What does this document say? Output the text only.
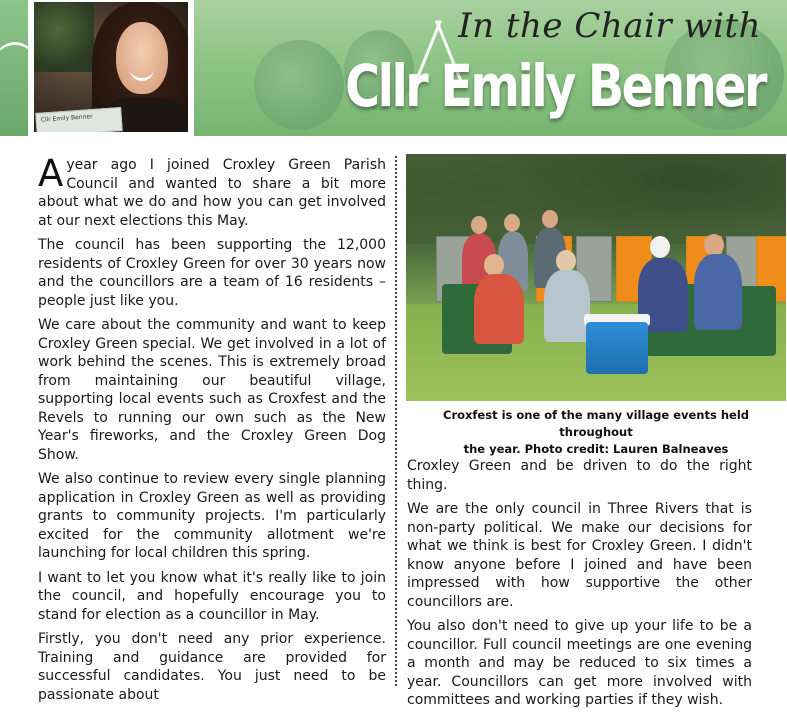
Cllr Emily Benner
In the Chair with
Cllr Emily Benner

Ayear ago I joined Croxley Green Parish Council and wanted to share a bit more about what we do and how you can get involved at our next elections this May.

The council has been supporting the 12,000 residents of Croxley Green for over 30 years now and the councillors are a team of 16 residents – people just like you.

We care about the community and want to keep Croxley Green special. We get involved in a lot of work behind the scenes. This is extremely broad from maintaining our beautiful village, supporting local events such as Croxfest and the Revels to running our own such as the New Year's fireworks, and the Croxley Green Dog Show.

We also continue to review every single planning application in Croxley Green as well as providing grants to community projects. I'm particularly excited for the community allotment we're launching for local children this spring.

I want to let you know what it's really like to join the council, and hopefully encourage you to stand for election as a councillor in May.

Firstly, you don't need any prior experience. Training and guidance are provided for successful candidates. You just need to be passionate about

Croxfest is one of the many village events held throughout
the year. Photo credit: Lauren Balneaves

Croxley Green and be driven to do the right thing.

We are the only council in Three Rivers that is non-party political. We make our decisions for what we think is best for Croxley Green. I didn't know anyone before I joined and have been impressed with how supportive the other councillors are.

You also don't need to give up your life to be a councillor. Full council meetings are one evening a month and may be reduced to six times a year. Councillors can get more involved with committees and working parties if they wish.
